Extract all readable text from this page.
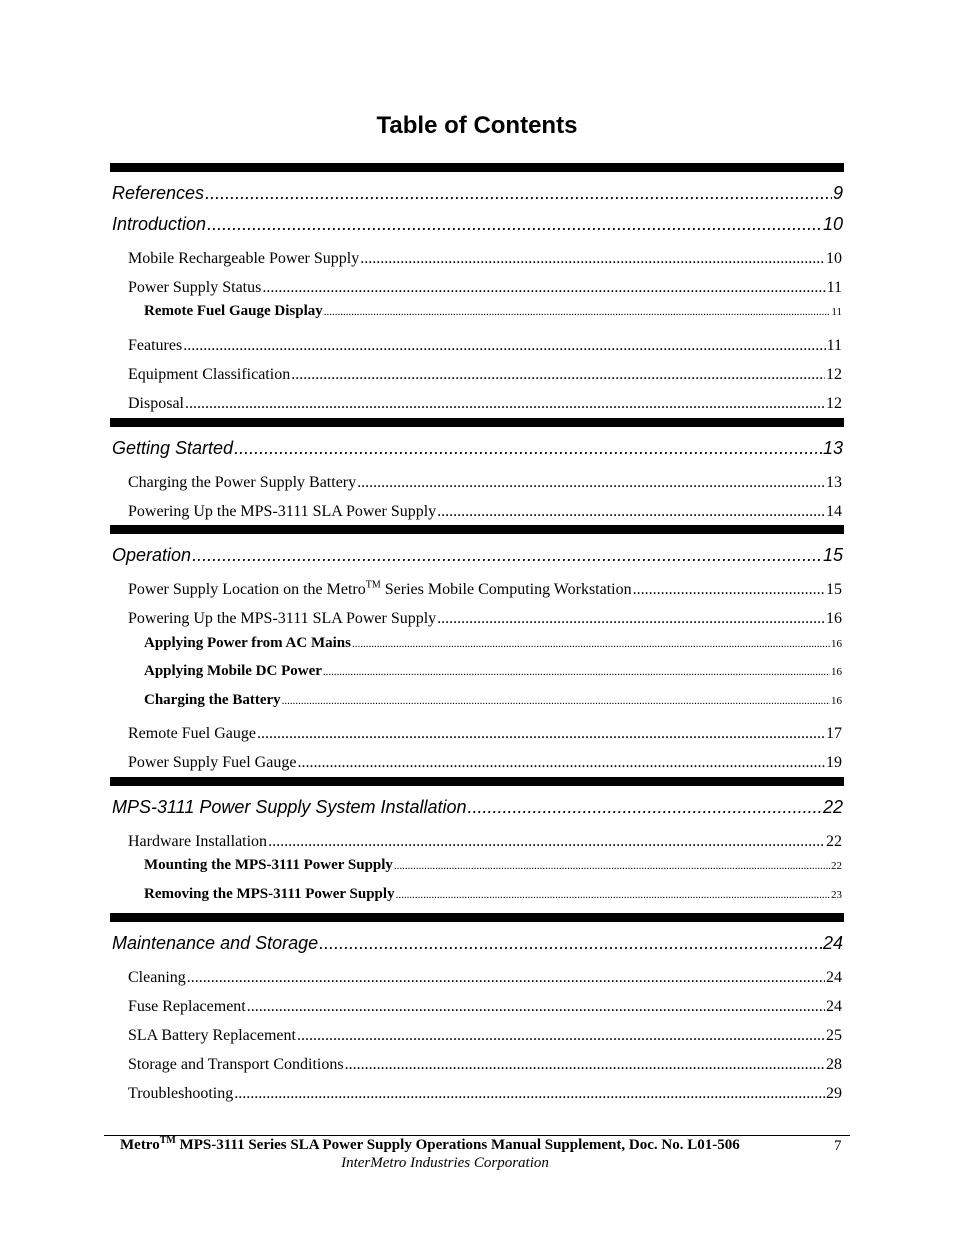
Table of Contents
References .....	9
Introduction .....	10
Mobile Rechargeable Power Supply .....	10
Power Supply Status .....	11
Remote Fuel Gauge Display .....	11
Features .....	11
Equipment Classification .....	12
Disposal .....	12
Getting Started .....	13
Charging the Power Supply Battery .....	13
Powering Up the MPS-3111 SLA Power Supply .....	14
Operation .....	15
Power Supply Location on the Metro™ Series Mobile Computing Workstation .....	15
Powering Up the MPS-3111 SLA Power Supply .....	16
Applying Power from AC Mains .....	16
Applying Mobile DC Power .....	16
Charging the Battery .....	16
Remote Fuel Gauge .....	17
Power Supply Fuel Gauge .....	19
MPS-3111 Power Supply System Installation .....	22
Hardware Installation .....	22
Mounting the MPS-3111 Power Supply .....	22
Removing the MPS-3111 Power Supply .....	23
Maintenance and Storage .....	24
Cleaning .....	24
Fuse Replacement .....	24
SLA Battery Replacement .....	25
Storage and Transport Conditions .....	28
Troubleshooting .....	29
Metro™ MPS-3111 Series SLA Power Supply Operations Manual Supplement, Doc. No. L01-506	7
InterMetro Industries Corporation
